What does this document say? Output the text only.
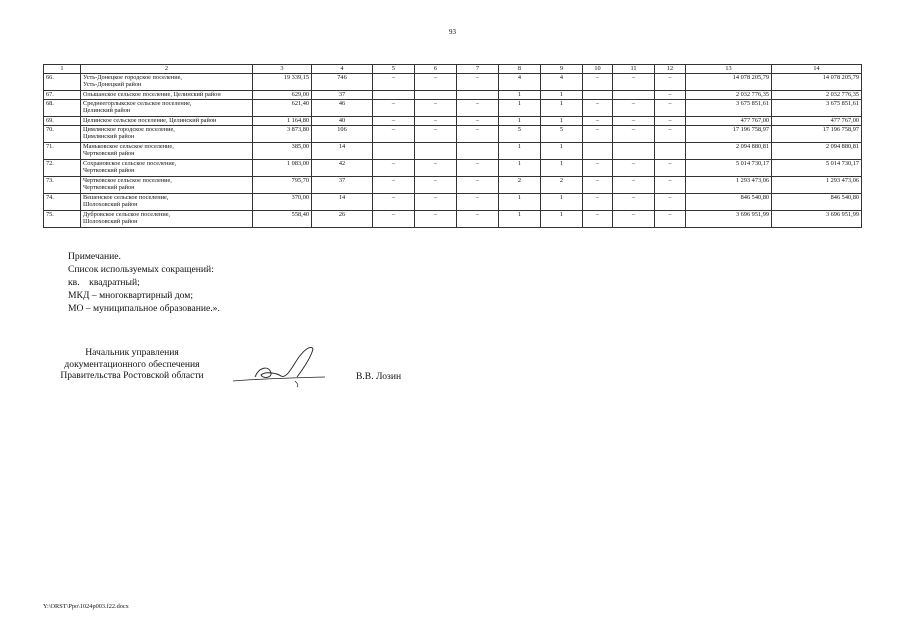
93
1	2	3	4	5	6	7	8	9	10	11	12	13	14
66.	Усть-Донецкое городское поселение,
Усть-Донецкий район	19 339,15	746	–	–	–	4	4	–	–	–	14 078 205,79	14 078 205,79
67.	Ольшанское сельское поселение, Целинский район	629,00	37				1	1			–	2 032 776,35	2 032 776,35
68.	Среднеегорлыкское сельское поселение,
Целинский район	621,40	46	–	–	–	1	1	–	–	–	3 675 851,61	3 675 851,61
69.	Целинское сельское поселение, Целинский район	1 164,80	40	–	–	–	1	1	–	–	–	477 767,00	477 767,00
70.	Цимлянское городское поселение,
Цимлянский район	3 873,80	106	–	–	–	5	5	–	–	–	17 196 758,97	17 196 758,97
71.	Маньковское сельское поселение,
Чертковский район	385,00	14				1	1				2 094 880,81	2 094 880,81
72.	Сохрановское сельское поселение,
Чертковский район	1 083,00	42	–	–	–	1	1	–	–	–	5 014 730,17	5 014 730,17
73.	Чертковское сельское поселение,
Чертковский район	795,70	37	–	–	–	2	2	–	–	–	1 293 473,06	1 293 473,06
74.	Вешенское сельское поселение,
Шолоховский район	370,00	14	–	–	–	1	1	–	–	–	846 540,80	846 540,80
75.	Дубровское сельское поселение,
Шолоховский район	558,40	26	–	–	–	1	1	–	–	–	3 696 951,99	3 696 951,99
Примечание.
Список используемых сокращений:
кв.    квадратный;
МКД – многоквартирный дом;
МО – муниципальное образование.».
Начальник управления
документационного обеспечения
Правительства Ростовской области	В.В. Лозин
Y:\ORST\Ppo\1024p003.f22.docx
